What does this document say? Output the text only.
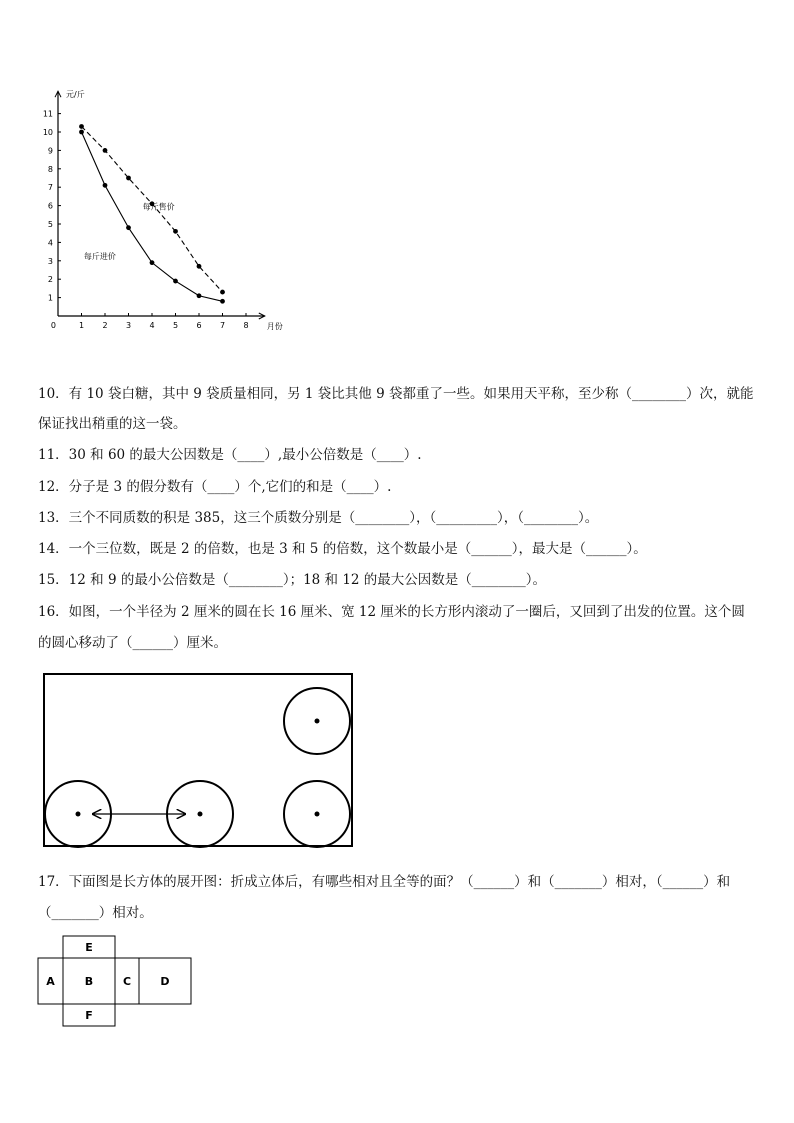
1 2 3 4 5 6 7 8
1
2
3
4
5
6
7
8
9
10
11
0
元/斤
月份
每斤售价
每斤进价
10．有 10 袋白糖，其中 9 袋质量相同，另 1 袋比其他 9 袋都重了一些。如果用天平称，至少称（________）次，就能
保证找出稍重的这一袋。
11．30 和 60 的最大公因数是（____）,最小公倍数是（____）.
12．分子是 3 的假分数有（____）个,它们的和是（____）.
13．三个不同质数的积是 385，这三个质数分别是（________），（_________），（________）。
14．一个三位数，既是 2 的倍数，也是 3 和 5 的倍数，这个数最小是（______），最大是（______）。
15．12 和 9 的最小公倍数是（________）；18 和 12 的最大公因数是（________）。
16．如图，一个半径为 2 厘米的圆在长 16 厘米、宽 12 厘米的长方形内滚动了一圈后，又回到了出发的位置。这个圆
的圆心移动了（______）厘米。
17．下面图是长方体的展开图：折成立体后，有哪些相对且全等的面？（______）和（_______）相对，（______）和
（_______）相对。
E
A	B	C	D
F
